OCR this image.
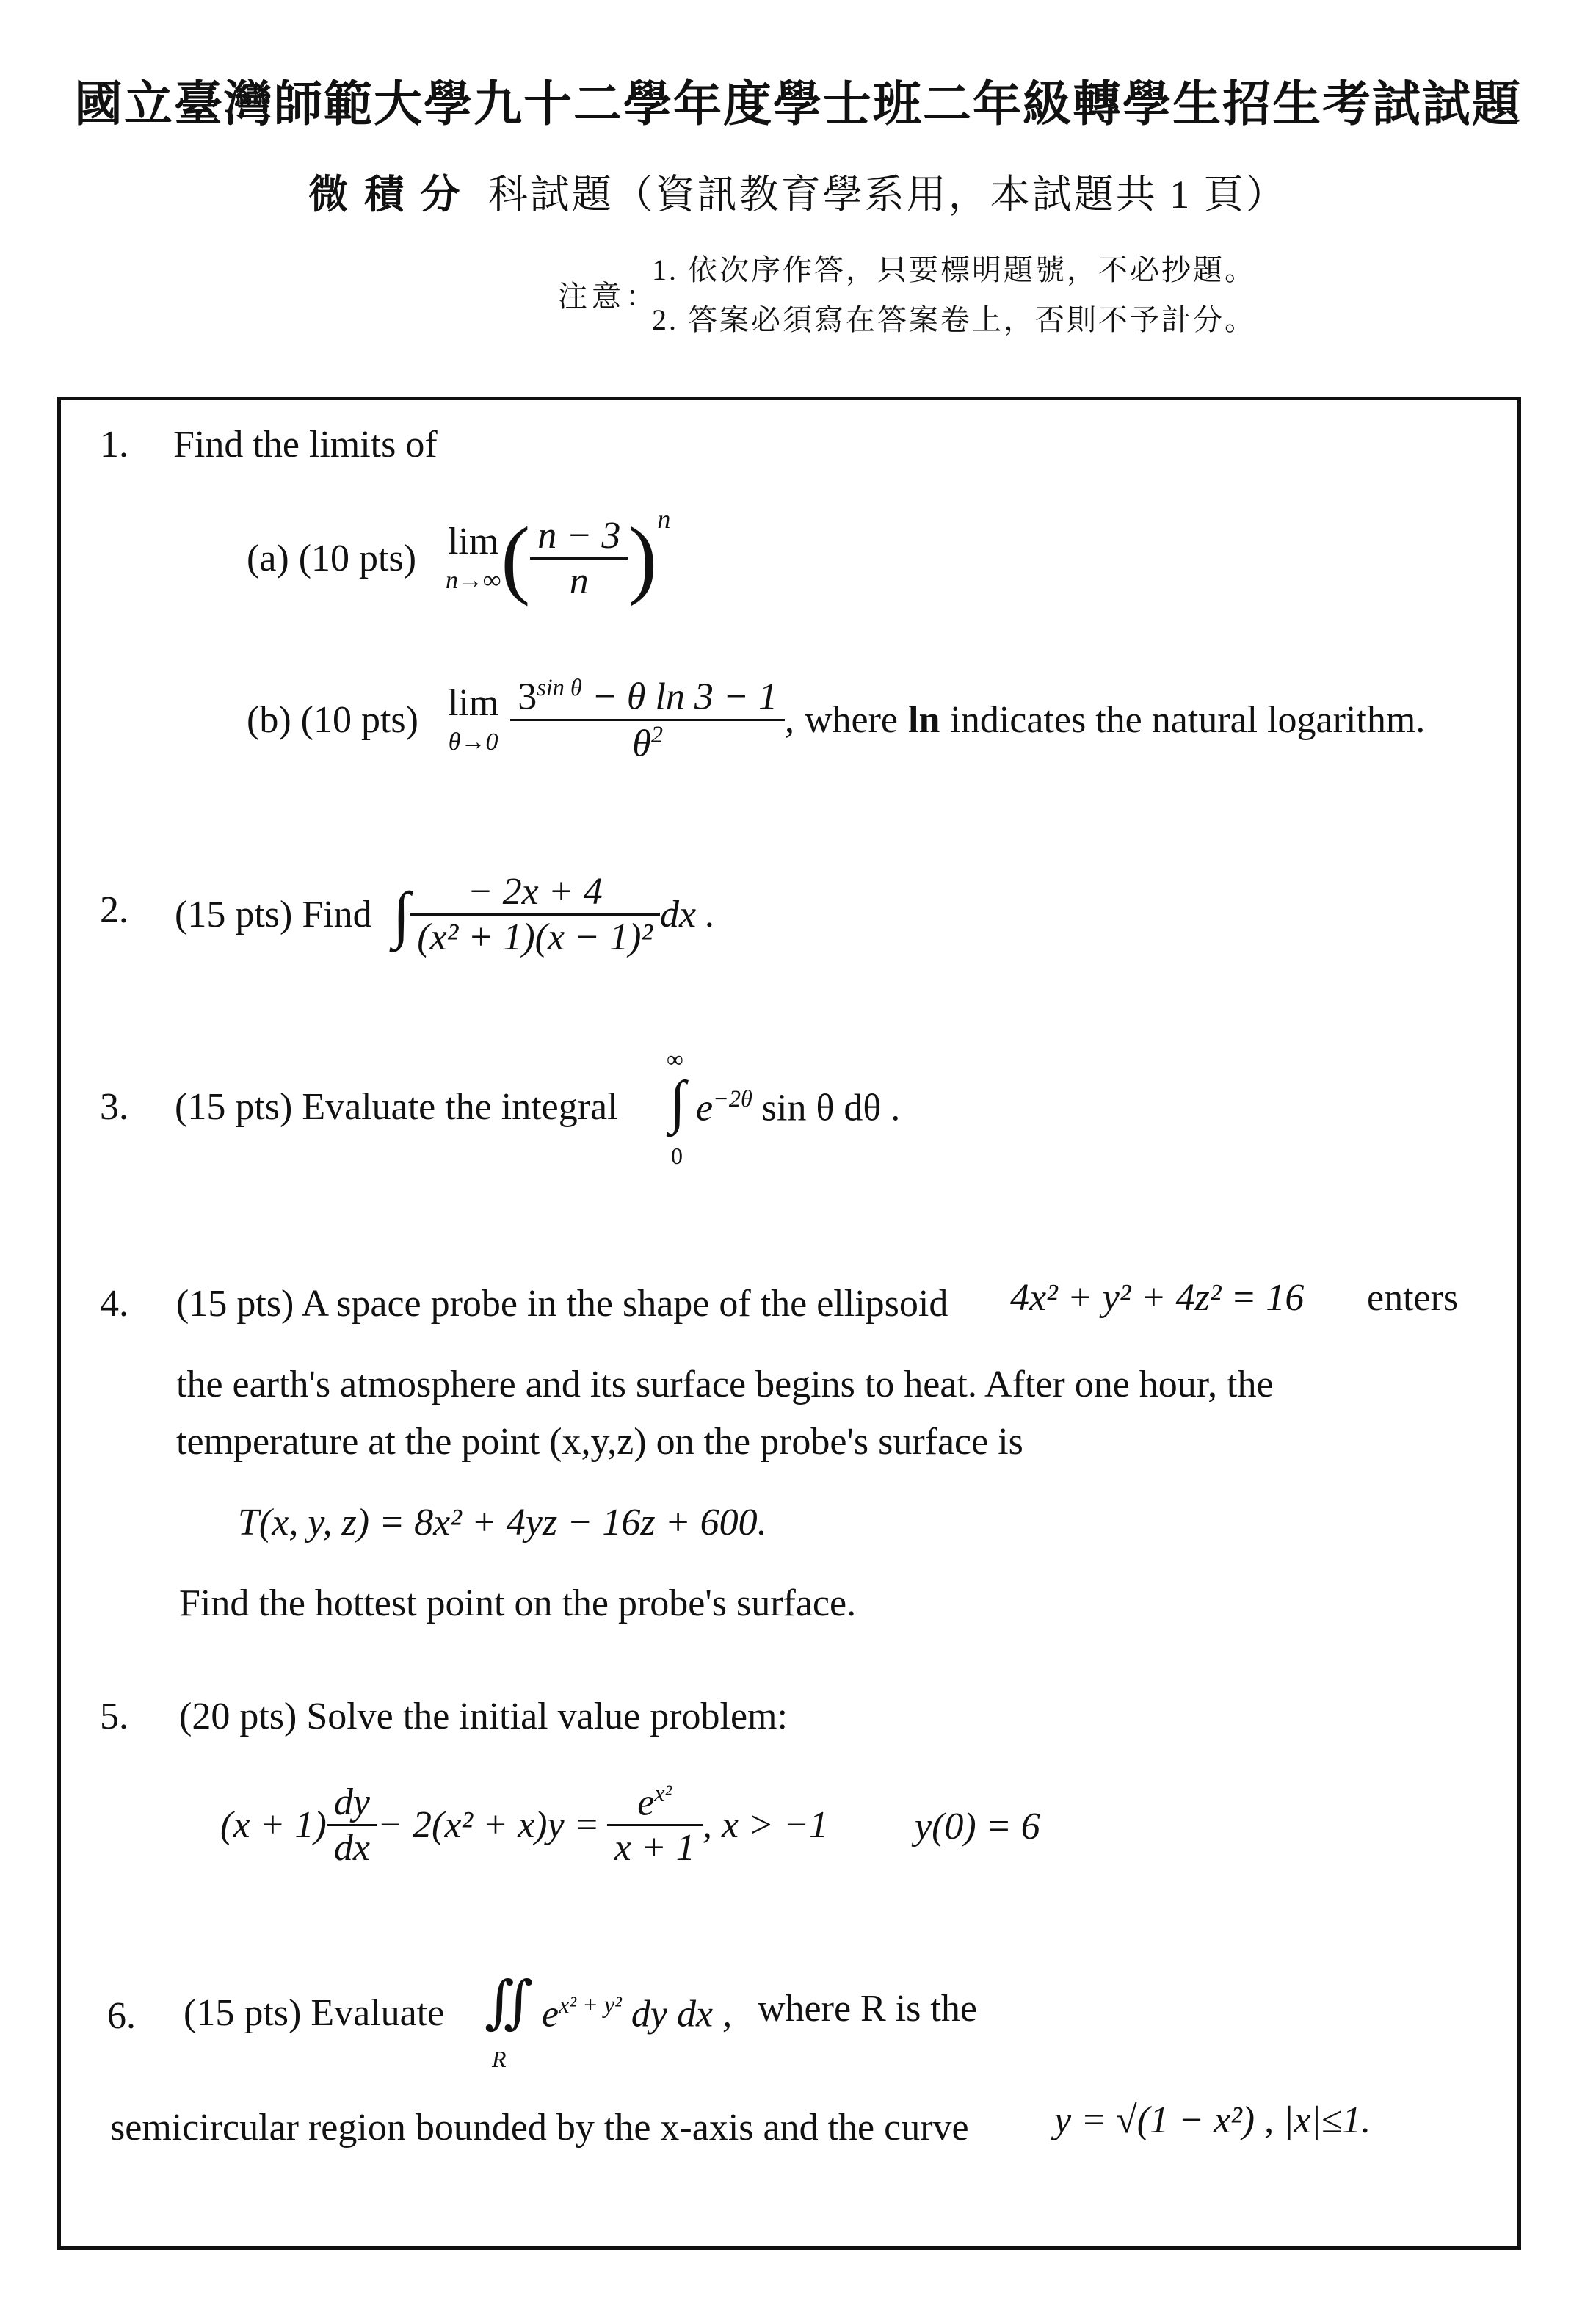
國立臺灣師範大學九十二學年度學士班二年級轉學生招生考試試題
微積分 科試題（資訊教育學系用，本試題共 1 頁）
注意：
1. 依次序作答，只要標明題號，不必抄題。
2. 答案必須寫在答案卷上，否則不予計分。
1. Find the limits of
(a) (10 pts) lim
n→∞ ( $\frac{n - 3}{n}$ ) n
(b) (10 pts) lim
$\theta\to 0 \frac{3^{sin \theta} - \theta \ln 3 - 1}{\theta^2}$ , where ln indicates the natural logarithm.
2. (15 pts) Find ∫ $\frac{- 2x + 4}{\text{(x² + 1)(x − 1)²}}$ dx .
3. (15 pts) Evaluate the integral
∞
∫
0
$e^{-2\theta}$ sin θ dθ .
4. (15 pts) A space probe in the shape of the ellipsoid 4x² + y² + 4z² = 16 enters
the earth's atmosphere and its surface begins to heat. After one hour, the
temperature at the point (x,y,z) on the probe's surface is
T(x, y, z) = 8x² + 4yz − 16z + 600.
Find the hottest point on the probe's surface.
5. (20 pts) Solve the initial value problem:
$(x + 1) \frac{dy}{dx} - 2(x^2 + x)y = \frac{e^{x^2}}{x + 1}$ , x > −1 y(0) = 6
6. (15 pts) Evaluate ∬
R
$e^{x^2 + y^2}$ dy dx , where R is the
semicircular region bounded by the x-axis and the curve y = √(1 − x²) , |x|≤1.
